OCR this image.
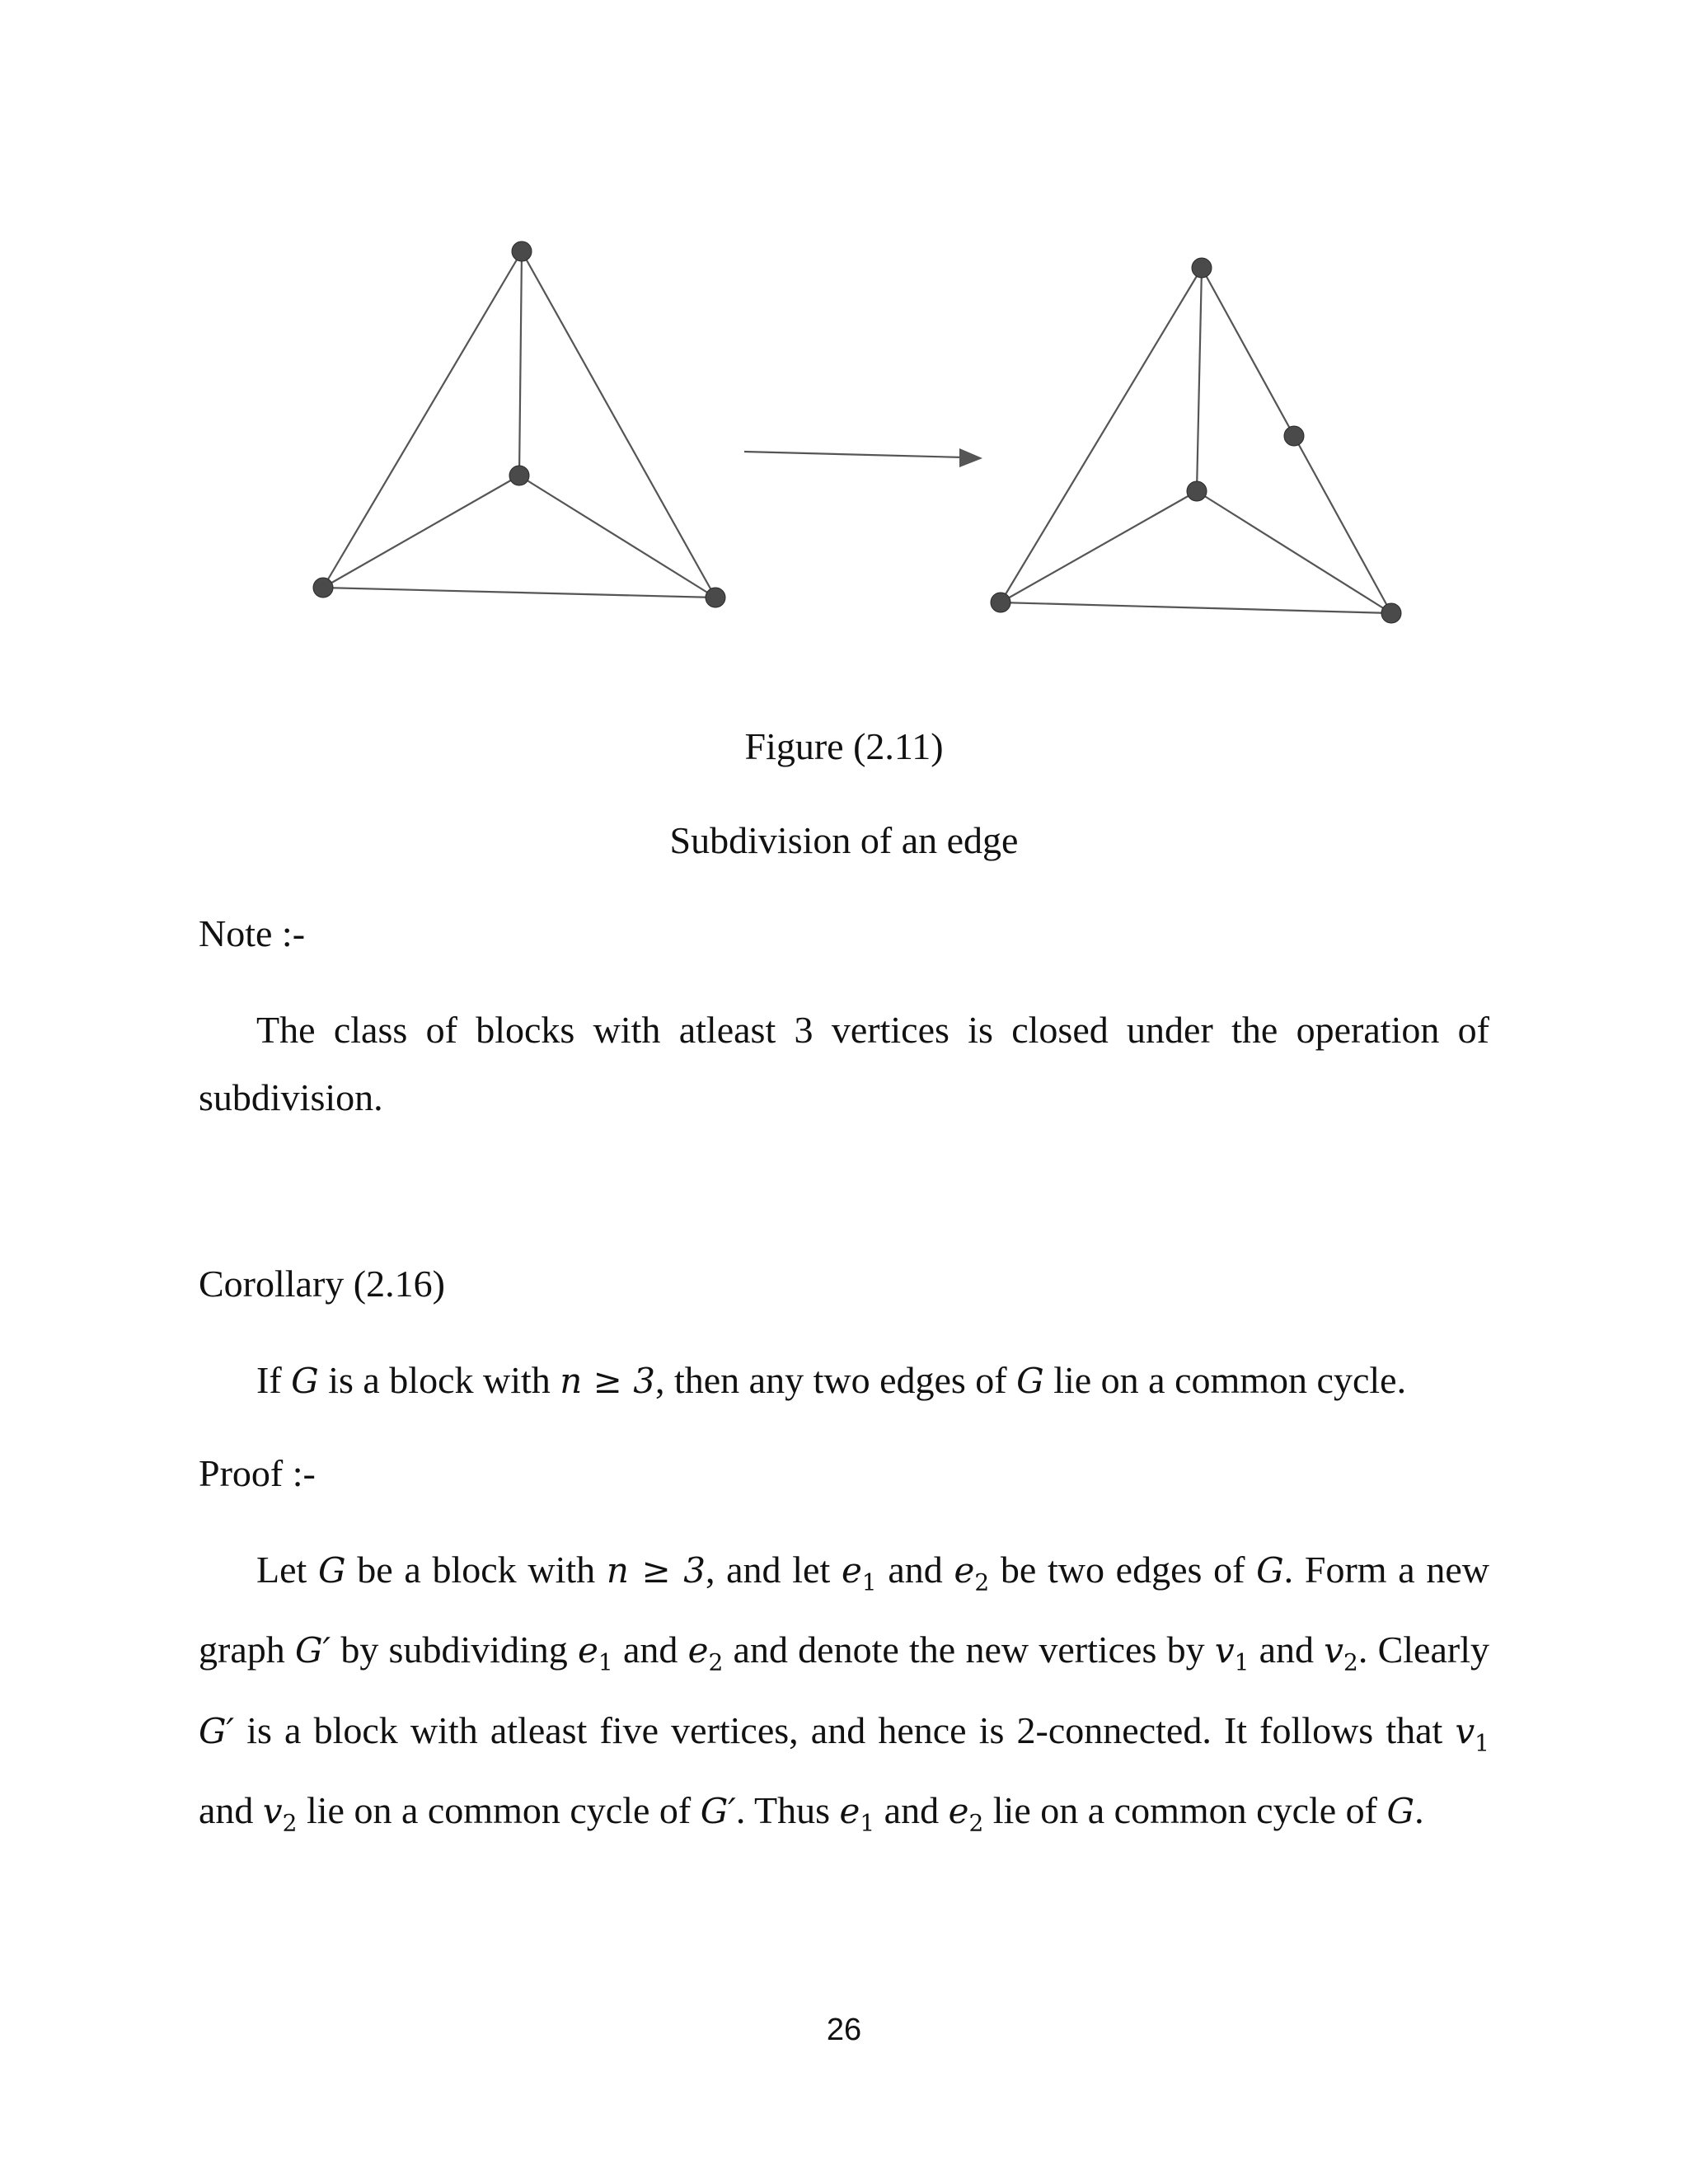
Figure (2.11)

Subdivision of an edge

Note :-

The class of blocks with atleast 3 vertices is closed under the operation of subdivision.

Corollary (2.16)

If G is a block with n ≥ 3, then any two edges of G lie on a common cycle.

Proof :-

Let G be a block with n ≥ 3, and let $e_1$ and $e_2$ be two edges of G. Form a new graph G′ by subdividing $e_1$ and $e_2$ and denote the new vertices by $v_1$ and $v_2$. Clearly G′ is a block with atleast five vertices, and hence is 2-connected. It follows that $v_1$ and $v_2$ lie on a common cycle of G′. Thus $e_1$ and $e_2$ lie on a common cycle of G.

26
